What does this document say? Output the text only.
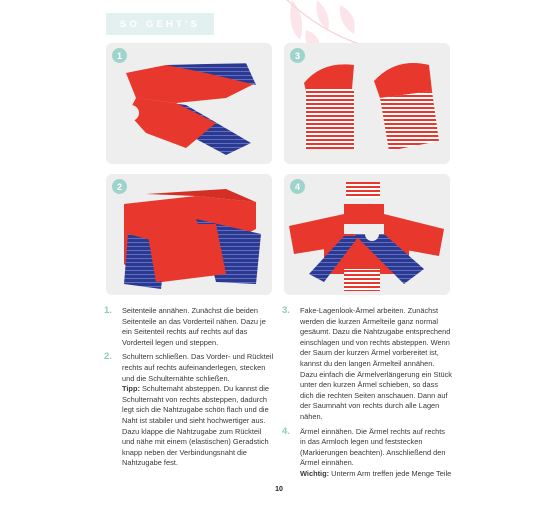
SO GEHT'S
1
2
3
4
1.	Seitenteile annähen. Zunächst die beiden Seitenteile an das Vorderteil nähen. Dazu je ein Seitenteil rechts auf rechts auf das Vorderteil legen und steppen.
2.	Schultern schließen. Das Vorder- und Rückteil rechts auf rechts aufeinanderlegen, stecken und die Schulternähte schließen.
Tipp: Schultemaht absteppen. Du kannst die Schulternaht von rechts absteppen, dadurch legt sich die Nahtzugabe schön flach und die Naht ist stabiler und sieht hochwertiger aus. Dazu klappe die Nahtzugabe zum Rückteil und nähe mit einem (elastischen) Geradstich knapp neben der Verbindungsnaht die Nahtzugabe fest.
3.	Fake-Lagenlook-Ärmel arbeiten. Zunächst werden die kurzen Ärmelteile ganz normal gesäumt. Dazu die Nahtzugabe entsprechend einschlagen und von rechts absteppen. Wenn der Saum der kurzen Ärmel vorbereitet ist, kannst du den langen Ärmelteil annähen. Dazu einfach die Ärmelverlängerung ein Stück unter den kurzen Ärmel schieben, so dass dich die rechten Seiten anschauen. Dann auf der Saumnaht von rechts durch alle Lagen nähen.
4.	Ärmel einnähen. Die Ärmel rechts auf rechts in das Armloch legen und feststecken (Markierungen beachten). Anschließend den Ärmel einnähen.
Wichtig: Unterm Arm treffen jede Menge Teile
10
